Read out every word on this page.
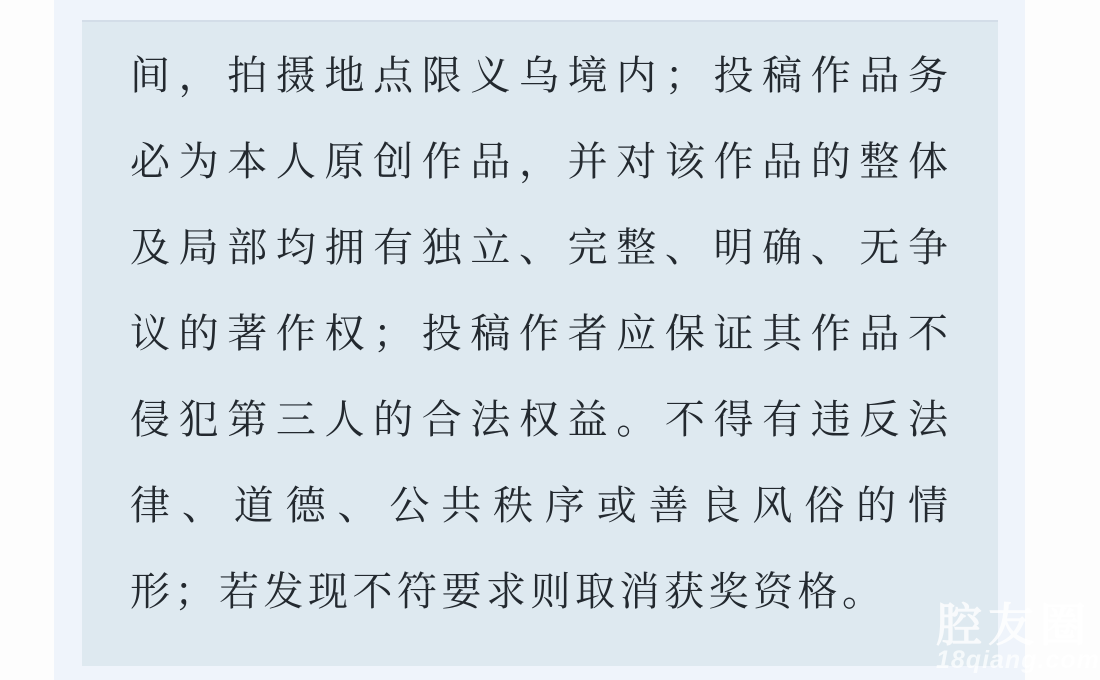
间，拍摄地点限义乌境内；投稿作品务
必为本人原创作品，并对该作品的整体
及局部均拥有独立、完整、明确、无争
议的著作权；投稿作者应保证其作品不
侵犯第三人的合法权益。不得有违反法
律、道德、公共秩序或善良风俗的情
形；若发现不符要求则取消获奖资格。
腔友圈
18qiang.com
